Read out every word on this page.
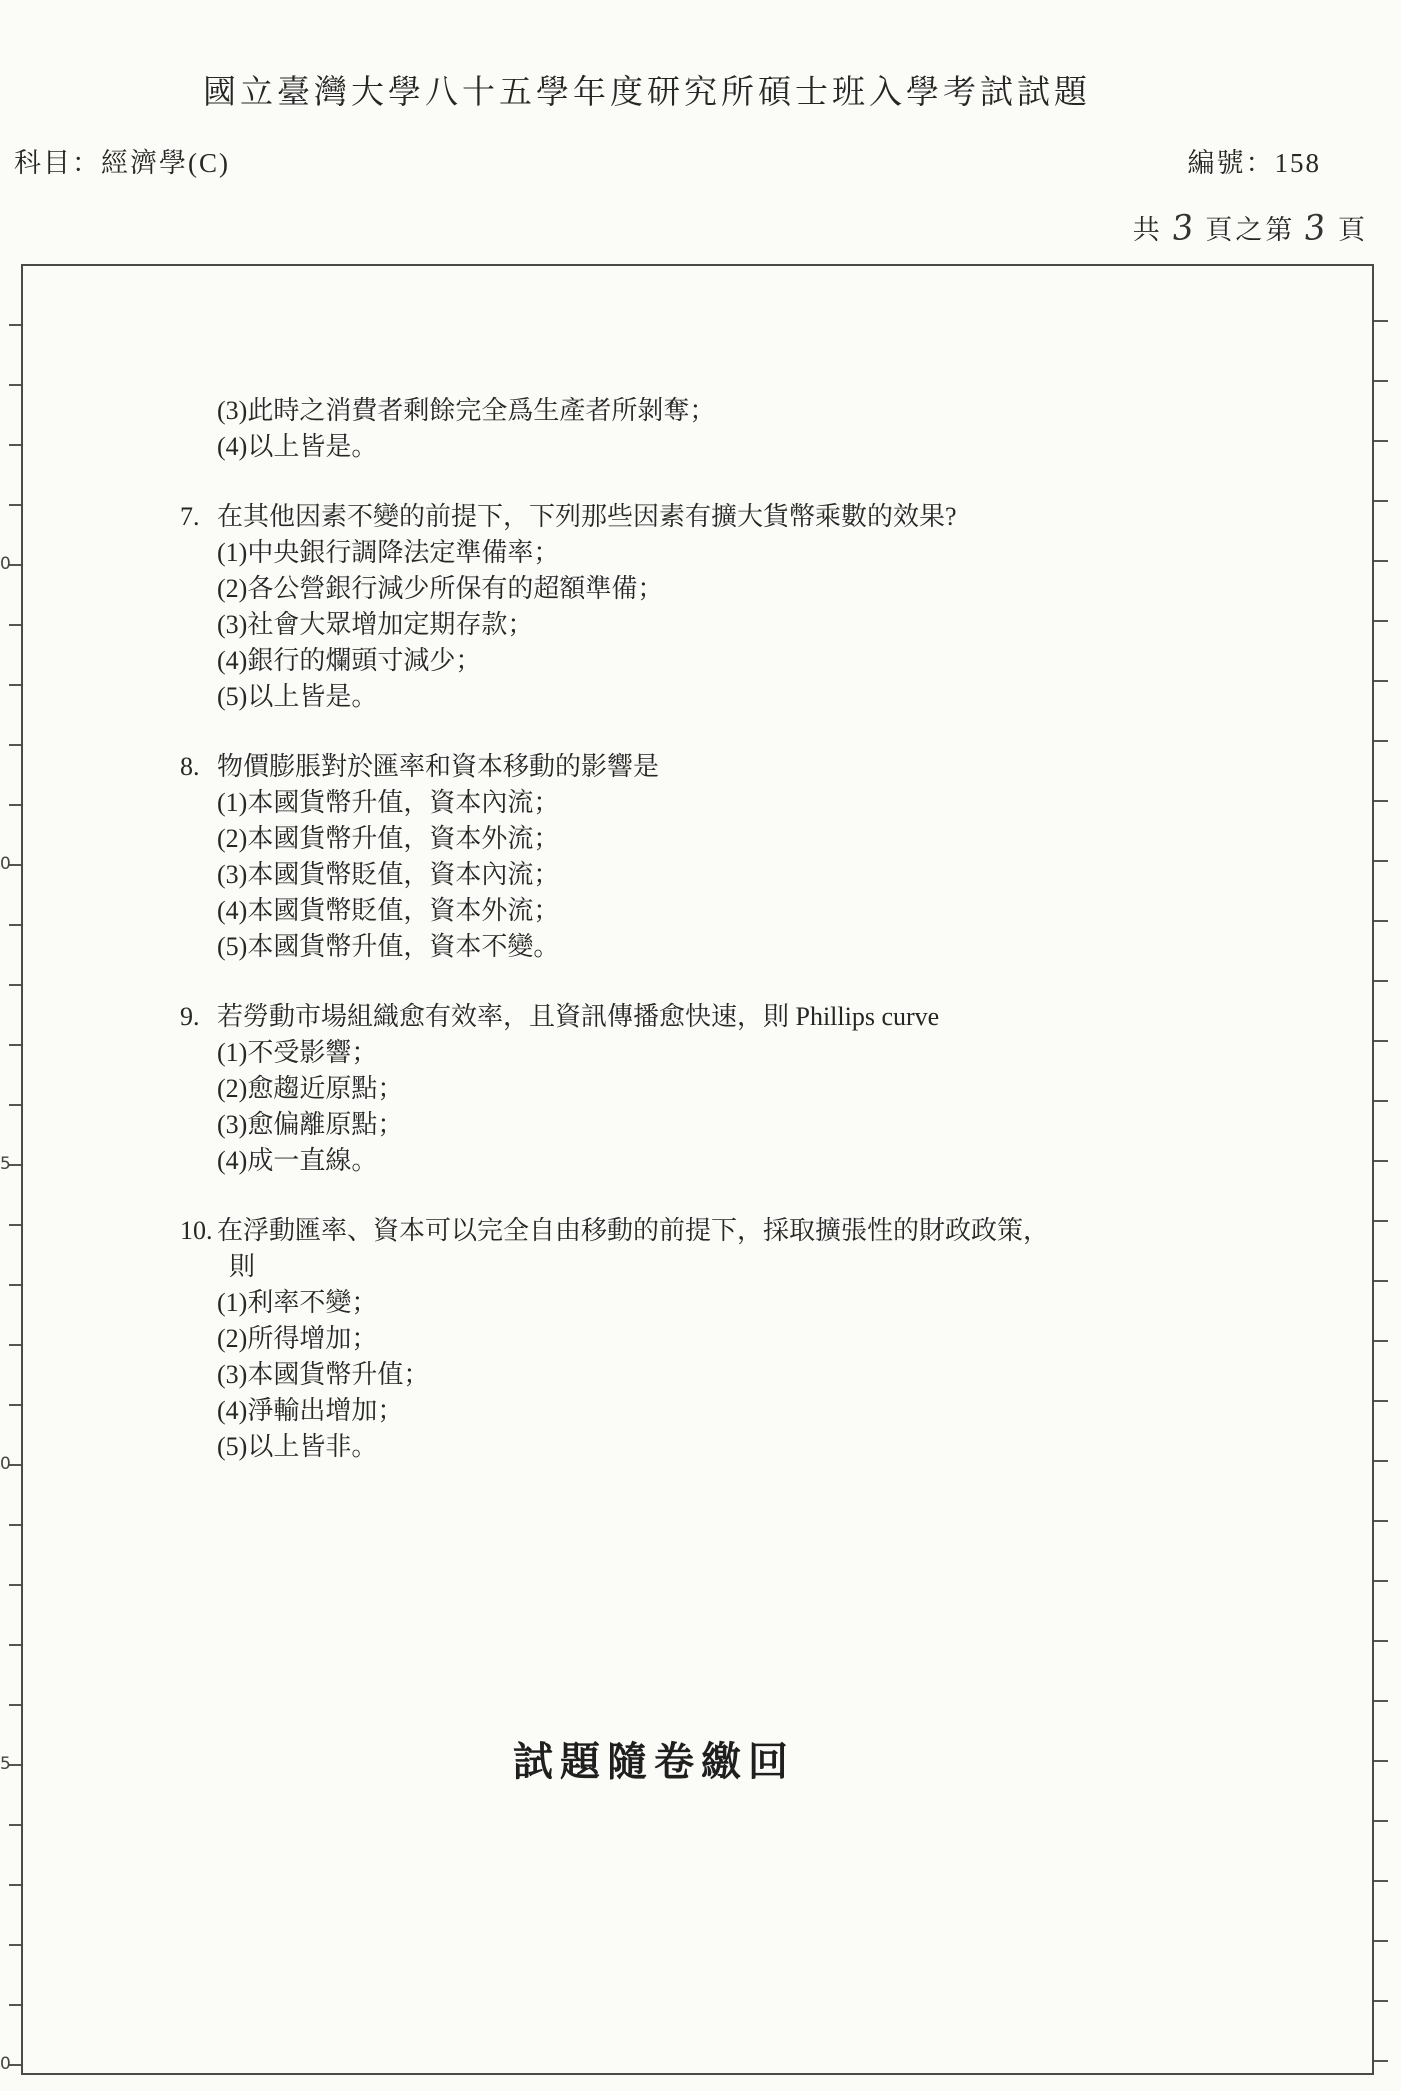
國立臺灣大學八十五學年度研究所碩士班入學考試試題
科目：經濟學(C)	編號：158
共 3 頁之第 3 頁
(3)此時之消費者剩餘完全爲生產者所剝奪；
(4)以上皆是。
7. 在其他因素不變的前提下，下列那些因素有擴大貨幣乘數的效果?
(1)中央銀行調降法定準備率；
(2)各公營銀行減少所保有的超額準備；
(3)社會大眾增加定期存款；
(4)銀行的爛頭寸減少；
(5)以上皆是。
8. 物價膨脹對於匯率和資本移動的影響是
(1)本國貨幣升值，資本內流；
(2)本國貨幣升值，資本外流；
(3)本國貨幣貶值，資本內流；
(4)本國貨幣貶值，資本外流；
(5)本國貨幣升值，資本不變。
9. 若勞動市場組織愈有效率，且資訊傳播愈快速，則 Phillips curve
(1)不受影響；
(2)愈趨近原點；
(3)愈偏離原點；
(4)成一直線。
10. 在浮動匯率、資本可以完全自由移動的前提下，採取擴張性的財政政策，
則
(1)利率不變；
(2)所得增加；
(3)本國貨幣升值；
(4)淨輸出增加；
(5)以上皆非。
試題隨卷繳回
0
0
5
0
5
0
